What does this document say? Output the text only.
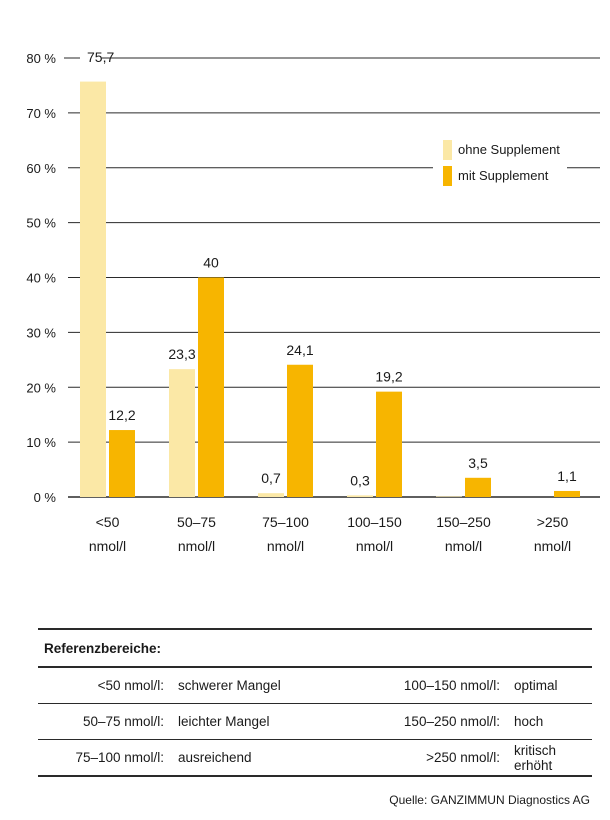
0 %
10 %
20 %
30 %
40 %
50 %
60 %
70 %
80 % 75,7
12,2
23,3
40
0,7
24,1
0,3
19,2
3,5
1,1
<50
nmol/l
50–75
nmol/l
75–100
nmol/l
100–150
nmol/l
150–250
nmol/l
>250
nmol/l
ohne Supplement
mit Supplement
Referenzbereiche:			
<50 nmol/l:	schwerer Mangel	100–150 nmol/l:	optimal
50–75 nmol/l:	leichter Mangel	150–250 nmol/l:	hoch
75–100 nmol/l:	ausreichend	>250 nmol/l:	kritisch erhöht
Quelle: GANZIMMUN Diagnostics AG
